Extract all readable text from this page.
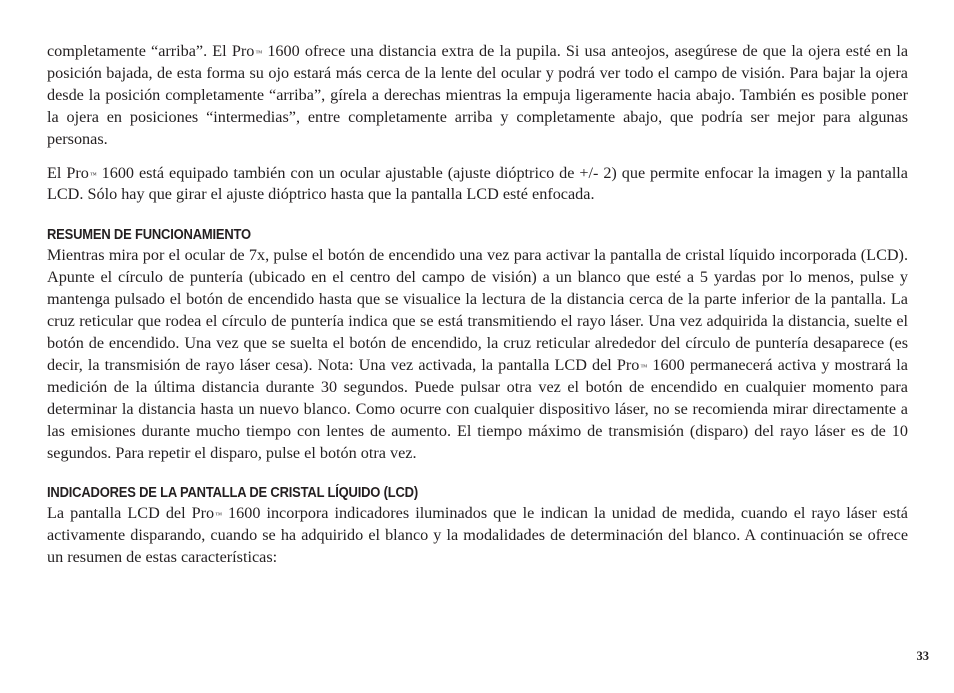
completamente “arriba”. El Pro™ 1600 ofrece una distancia extra de la pupila. Si usa anteojos, asegúrese de que la ojera esté en la posición bajada, de esta forma su ojo estará más cerca de la lente del ocular y podrá ver todo el campo de visión. Para bajar la ojera desde la posición completamente “arriba”, gírela a derechas mientras la empuja ligeramente hacia abajo. También es posible poner la ojera en posiciones “intermedias”, entre completamente arriba y completamente abajo, que podría ser mejor para algunas personas.

El Pro™ 1600 está equipado también con un ocular ajustable (ajuste dióptrico de +/- 2) que permite enfocar la imagen y la pantalla LCD. Sólo hay que girar el ajuste dióptrico hasta que la pantalla LCD esté enfocada.

RESUMEN DE FUNCIONAMIENTO

Mientras mira por el ocular de 7x, pulse el botón de encendido una vez para activar la pantalla de cristal líquido incorporada (LCD). Apunte el círculo de puntería (ubicado en el centro del campo de visión) a un blanco que esté a 5 yardas por lo menos, pulse y mantenga pulsado el botón de encendido hasta que se visualice la lectura de la distancia cerca de la parte inferior de la pantalla. La cruz reticular que rodea el círculo de puntería indica que se está transmitiendo el rayo láser. Una vez adquirida la distancia, suelte el botón de encendido. Una vez que se suelta el botón de encendido, la cruz reticular alrededor del círculo de puntería desaparece (es decir, la transmisión de rayo láser cesa). Nota: Una vez activada, la pantalla LCD del Pro™ 1600 permanecerá activa y mostrará la medición de la última distancia durante 30 segundos. Puede pulsar otra vez el botón de encendido en cualquier momento para determinar la distancia hasta un nuevo blanco. Como ocurre con cualquier dispositivo láser, no se recomienda mirar directamente a las emisiones durante mucho tiempo con lentes de aumento. El tiempo máximo de transmisión (disparo) del rayo láser es de 10 segundos. Para repetir el disparo, pulse el botón otra vez.

INDICADORES DE LA PANTALLA DE CRISTAL LÍQUIDO (LCD)

La pantalla LCD del Pro™ 1600 incorpora indicadores iluminados que le indican la unidad de medida, cuando el rayo láser está activamente disparando, cuando se ha adquirido el blanco y la modalidades de determinación del blanco. A continuación se ofrece un resumen de estas características:

33
